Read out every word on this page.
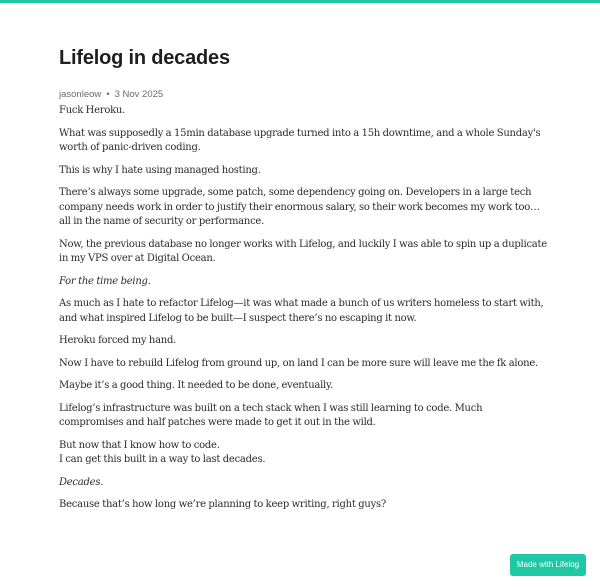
Lifelog in decades
jasonleow • 3 Nov 2025

Fuck Heroku.

What was supposedly a 15min database upgrade turned into a 15h downtime, and a whole Sunday's worth of panic-driven coding.

This is why I hate using managed hosting.

There’s always some upgrade, some patch, some dependency going on. Developers in a large tech company needs work in order to justify their enormous salary, so their work becomes my work too… all in the name of security or performance.

Now, the previous database no longer works with Lifelog, and luckily I was able to spin up a duplicate in my VPS over at Digital Ocean.

For the time being.

As much as I hate to refactor Lifelog—it was what made a bunch of us writers homeless to start with, and what inspired Lifelog to be built—I suspect there’s no escaping it now.

Heroku forced my hand.

Now I have to rebuild Lifelog from ground up, on land I can be more sure will leave me the fk alone.

Maybe it’s a good thing. It needed to be done, eventually.

Lifelog’s infrastructure was built on a tech stack when I was still learning to code. Much compromises and half patches were made to get it out in the wild.

But now that I know how to code.
I can get this built in a way to last decades.

Decades.

Because that’s how long we’re planning to keep writing, right guys?

Made with Lifelog
